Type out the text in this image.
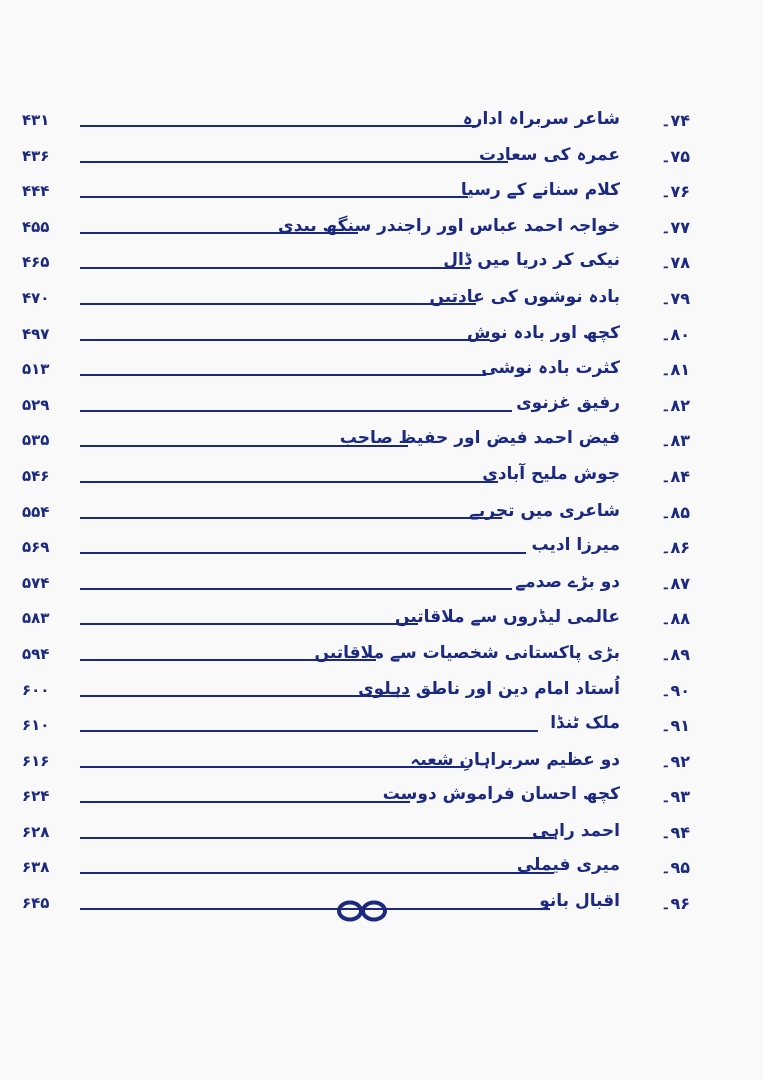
۴۳۱	شاعر سربراہ ادارہ	۷۴۔
۴۳۶	عمرہ کی سعادت	۷۵۔
۴۴۴	کلام سنانے کے رسیا	۷۶۔
۴۵۵	خواجہ احمد عباس اور راجندر سنگھ بیدی	۷۷۔
۴۶۵	نیکی کر دریا میں ڈال	۷۸۔
۴۷۰	بادہ نوشوں کی عادتیں	۷۹۔
۴۹۷	کچھ اور بادہ نوش	۸۰۔
۵۱۳	کثرت بادہ نوشی	۸۱۔
۵۲۹	رفیق غزنوی	۸۲۔
۵۳۵	فیض احمد فیض اور حفیظ صاحب	۸۳۔
۵۴۶	جوش ملیح آبادی	۸۴۔
۵۵۴	شاعری میں تجربے	۸۵۔
۵۶۹	میرزا ادیب	۸۶۔
۵۷۴	دو بڑے صدمے	۸۷۔
۵۸۳	عالمی لیڈروں سے ملاقاتیں	۸۸۔
۵۹۴	بڑی پاکستانی شخصیات سے ملاقاتیں	۸۹۔
۶۰۰	اُستاد امام دین اور ناطق دہلوی	۹۰۔
۶۱۰	ملک ٹنڈا	۹۱۔
۶۱۶	دو عظیم سربراہانِ شعبہ	۹۲۔
۶۲۴	کچھ احسان فراموش دوست	۹۳۔
۶۲۸	احمد راہی	۹۴۔
۶۳۸	میری فیملی	۹۵۔
۶۴۵	اقبال بانو	۹۶۔
